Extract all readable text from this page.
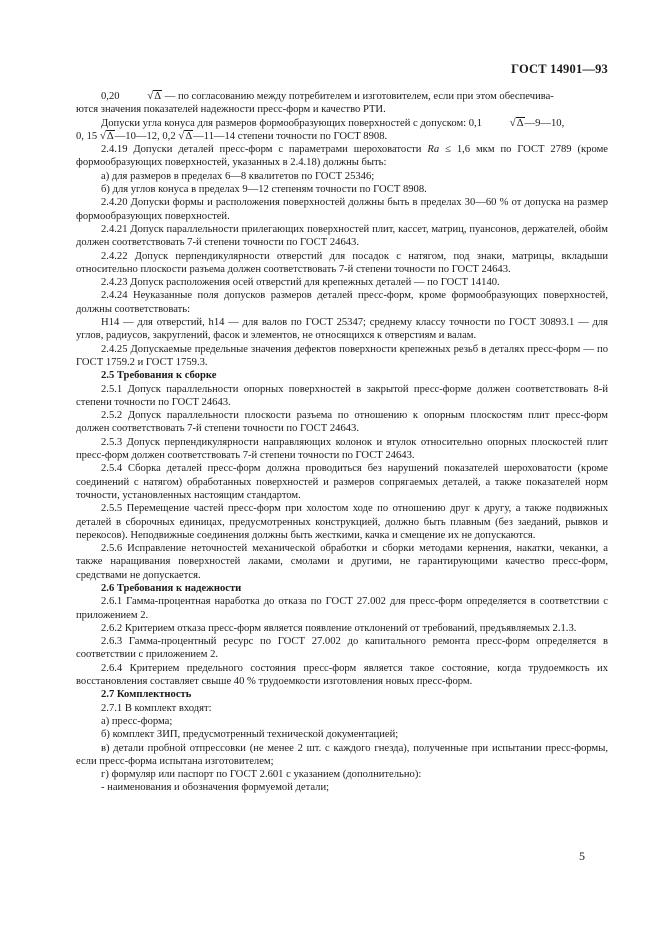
ГОСТ 14901—93

0,20 √Δ — по согласованию между потребителем и изготовителем, если при этом обеспечива-

ются значения показателей надежности пресс-форм и качество РТИ.

Допуски угла конуса для размеров формообразующих поверхностей с допуском: 0,1 √Δ—9—10,

0, 15 √Δ—10—12, 0,2 √Δ—11—14 степени точности по ГОСТ 8908.

2.4.19 Допуски деталей пресс-форм с параметрами шероховатости Ra ≤ 1,6 мкм по ГОСТ 2789 (кроме формообразующих поверхностей, указанных в 2.4.18) должны быть:

а) для размеров в пределах 6—8 квалитетов по ГОСТ 25346;

б) для углов конуса в пределах 9—12 степеням точности по ГОСТ 8908.

2.4.20 Допуски формы и расположения поверхностей должны быть в пределах 30—60 % от допуска на размер формообразующих поверхностей.

2.4.21 Допуск параллельности прилегающих поверхностей плит, кассет, матриц, пуансонов, держателей, обойм должен соответствовать 7-й степени точности по ГОСТ 24643.

2.4.22 Допуск перпендикулярности отверстий для посадок с натягом, под знаки, матрицы, вкладыши относительно плоскости разъема должен соответствовать 7-й степени точности по ГОСТ 24643.

2.4.23 Допуск расположения осей отверстий для крепежных деталей — по ГОСТ 14140.

2.4.24 Неуказанные поля допусков размеров деталей пресс-форм, кроме формообразующих поверхностей, должны соответствовать:

Н14 — для отверстий, h14 — для валов по ГОСТ 25347; среднему классу точности по ГОСТ 30893.1 — для углов, радиусов, закруглений, фасок и элементов, не относящихся к отверстиям и валам.

2.4.25 Допускаемые предельные значения дефектов поверхности крепежных резьб в деталях пресс-форм — по ГОСТ 1759.2 и ГОСТ 1759.3.

2.5 Требования к сборке

2.5.1 Допуск параллельности опорных поверхностей в закрытой пресс-форме должен соответствовать 8-й степени точности по ГОСТ 24643.

2.5.2 Допуск параллельности плоскости разъема по отношению к опорным плоскостям плит пресс-форм должен соответствовать 7-й степени точности по ГОСТ 24643.

2.5.3 Допуск перпендикулярности направляющих колонок и втулок относительно опорных плоскостей плит пресс-форм должен соответствовать 7-й степени точности по ГОСТ 24643.

2.5.4 Сборка деталей пресс-форм должна проводиться без нарушений показателей шероховатости (кроме соединений с натягом) обработанных поверхностей и размеров сопрягаемых деталей, а также показателей норм точности, установленных настоящим стандартом.

2.5.5 Перемещение частей пресс-форм при холостом ходе по отношению друг к другу, а также подвижных деталей в сборочных единицах, предусмотренных конструкцией, должно быть плавным (без заеданий, рывков и перекосов). Неподвижные соединения должны быть жесткими, качка и смещение их не допускаются.

2.5.6 Исправление неточностей механической обработки и сборки методами кернения, накатки, чеканки, а также наращивания поверхностей лаками, смолами и другими, не гарантирующими качество пресс-форм, средствами не допускается.

2.6 Требования к надежности

2.6.1 Гамма-процентная наработка до отказа по ГОСТ 27.002 для пресс-форм определяется в соответствии с приложением 2.

2.6.2 Критерием отказа пресс-форм является появление отклонений от требований, предъявляемых 2.1.3.

2.6.3 Гамма-процентный ресурс по ГОСТ 27.002 до капитального ремонта пресс-форм определяется в соответствии с приложением 2.

2.6.4 Критерием предельного состояния пресс-форм является такое состояние, когда трудоемкость их восстановления составляет свыше 40 % трудоемкости изготовления новых пресс-форм.

2.7 Комплектность

2.7.1 В комплект входят:

а) пресс-форма;

б) комплект ЗИП, предусмотренный технической документацией;

в) детали пробной отпрессовки (не менее 2 шт. с каждого гнезда), полученные при испытании пресс-формы, если пресс-форма испытана изготовителем;

г) формуляр или паспорт по ГОСТ 2.601 с указанием (дополнительно):

- наименования и обозначения формуемой детали;

5
